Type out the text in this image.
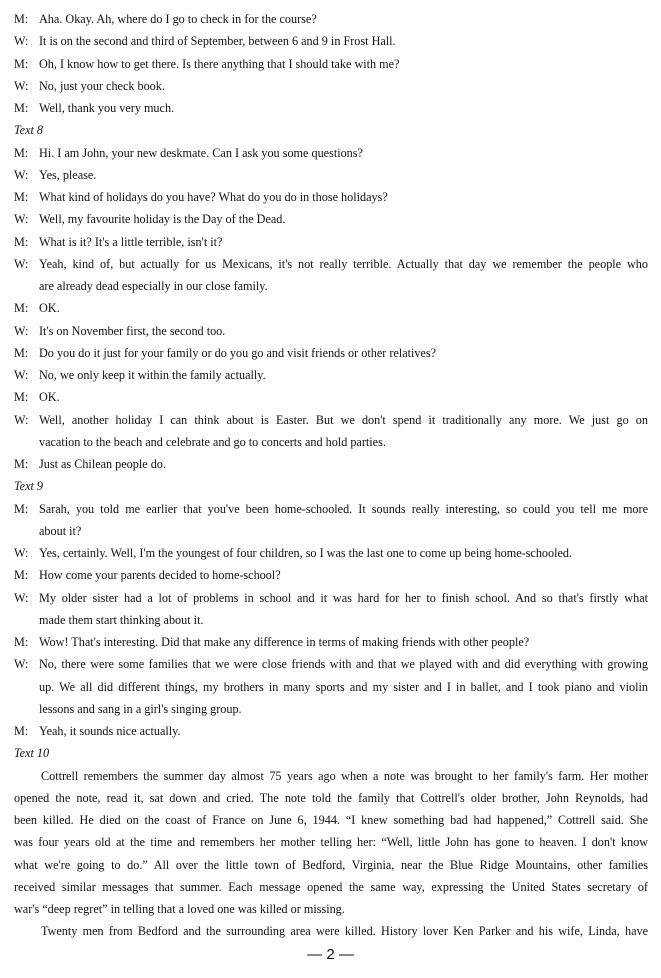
M: Aha. Okay. Ah, where do I go to check in for the course?
W: It is on the second and third of September, between 6 and 9 in Frost Hall.
M: Oh, I know how to get there. Is there anything that I should take with me?
W: No, just your check book.
M: Well, thank you very much.
Text 8
M: Hi. I am John, your new deskmate. Can I ask you some questions?
W: Yes, please.
M: What kind of holidays do you have? What do you do in those holidays?
W: Well, my favourite holiday is the Day of the Dead.
M: What is it? It's a little terrible, isn't it?
W: Yeah, kind of, but actually for us Mexicans, it's not really terrible. Actually that day we remember the people who
are already dead especially in our close family.
M: OK.
W: It's on November first, the second too.
M: Do you do it just for your family or do you go and visit friends or other relatives?
W: No, we only keep it within the family actually.
M: OK.
W: Well, another holiday I can think about is Easter. But we don't spend it traditionally any more. We just go on
vacation to the beach and celebrate and go to concerts and hold parties.
M: Just as Chilean people do.
Text 9
M: Sarah, you told me earlier that you've been home-schooled. It sounds really interesting, so could you tell me more
about it?
W: Yes, certainly. Well, I'm the youngest of four children, so I was the last one to come up being home-schooled.
M: How come your parents decided to home-school?
W: My older sister had a lot of problems in school and it was hard for her to finish school. And so that's firstly what
made them start thinking about it.
M: Wow! That's interesting. Did that make any difference in terms of making friends with other people?
W: No, there were some families that we were close friends with and that we played with and did everything with growing
up. We all did different things, my brothers in many sports and my sister and I in ballet, and I took piano and violin
lessons and sang in a girl's singing group.
M: Yeah, it sounds nice actually.
Text 10
Cottrell remembers the summer day almost 75 years ago when a note was brought to her family's farm. Her mother
opened the note, read it, sat down and cried. The note told the family that Cottrell's older brother, John Reynolds, had
been killed. He died on the coast of France on June 6, 1944. “I knew something bad had happened,” Cottrell said. She
was four years old at the time and remembers her mother telling her: “Well, little John has gone to heaven. I don't know
what we're going to do.” All over the little town of Bedford, Virginia, near the Blue Ridge Mountains, other families
received similar messages that summer. Each message opened the same way, expressing the United States secretary of
war's “deep regret” in telling that a loved one was killed or missing.
Twenty men from Bedford and the surrounding area were killed. History lover Ken Parker and his wife, Linda, have
— 2 —
